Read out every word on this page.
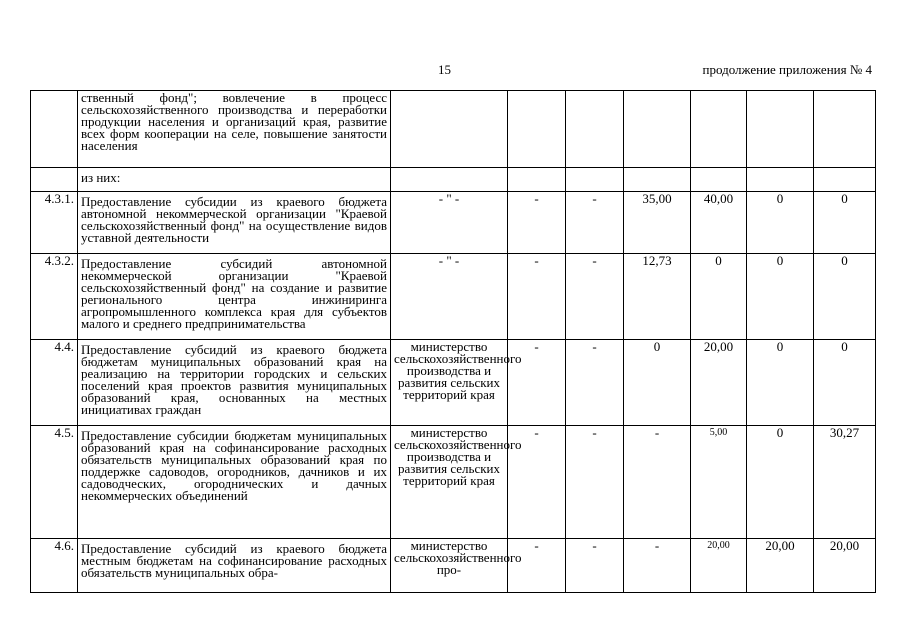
15	продолжение приложения № 4
	ственный фонд"; вовлечение в процесс сельскохозяйственного производства и переработки продукции населения и организаций края, развитие всех форм кооперации на селе, повышение занятости населения							
	из них:							
4.3.1.	Предоставление субсидии из краевого бюджета автономной некоммерческой организации "Краевой сельскохозяйственный фонд" на осуществление видов уставной деятельности	- " -	-	-	35,00	40,00	0	0
4.3.2.	Предоставление субсидий автономной некоммерческой организации "Краевой сельскохозяйственный фонд" на создание и развитие регионального центра инжиниринга агропромышленного комплекса края для субъектов малого и среднего предпринимательства	- " -	-	-	12,73	0	0	0
4.4.	Предоставление субсидий из краевого бюджета бюджетам муниципальных образований края на реализацию на территории городских и сельских поселений края проектов развития муниципальных образований края, основанных на местных инициативах граждан	министерство сельскохозяйственного производства и развития сельских территорий края	-	-	0	20,00	0	0
4.5.	Предоставление субсидии бюджетам муниципальных образований края на софинансирование расходных обязательств муниципальных образований края по поддержке садоводов, огородников, дачников и их садоводческих, огороднических и дачных некоммерческих объединений	министерство сельскохозяйственного производства и развития сельских территорий края	-	-	-	5,00	0	30,27
4.6.	Предоставление субсидий из краевого бюджета местным бюджетам на софинансирование расходных обязательств муниципальных обра-	министерство сельскохозяйственного про-	-	-	-	20,00	20,00	20,00
